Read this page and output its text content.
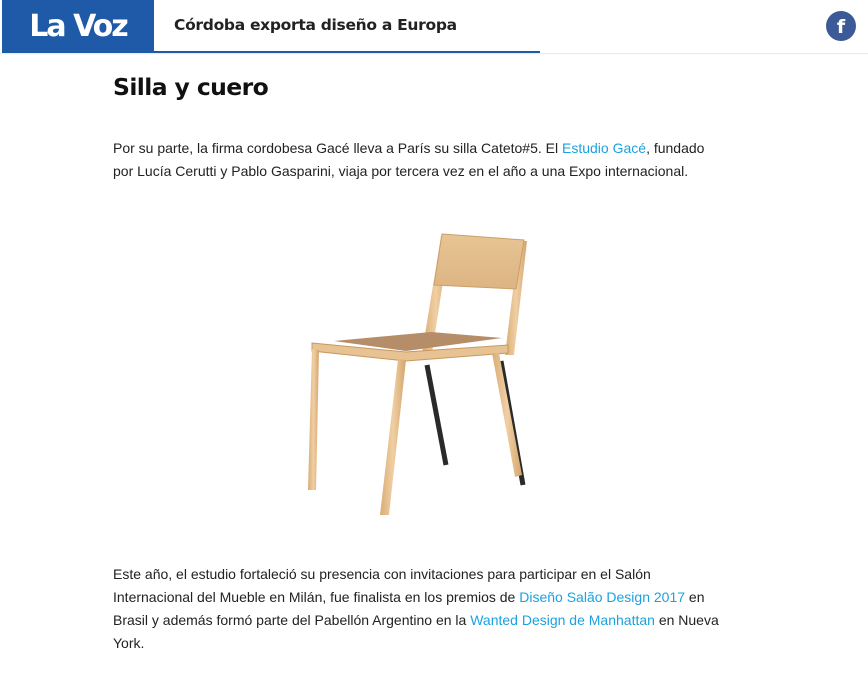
La Voz	Córdoba exporta diseño a Europa	f
Silla y cuero

Por su parte, la firma cordobesa Gacé lleva a París su silla Cateto#5. El Estudio Gacé, fundado por Lucía Cerutti y Pablo Gasparini, viaja por tercera vez en el año a una Expo internacional.

Este año, el estudio fortaleció su presencia con invitaciones para participar en el Salón Internacional del Mueble en Milán, fue finalista en los premios de Diseño Salão Design 2017 en Brasil y además formó parte del Pabellón Argentino en la Wanted Design de Manhattan en Nueva York.
